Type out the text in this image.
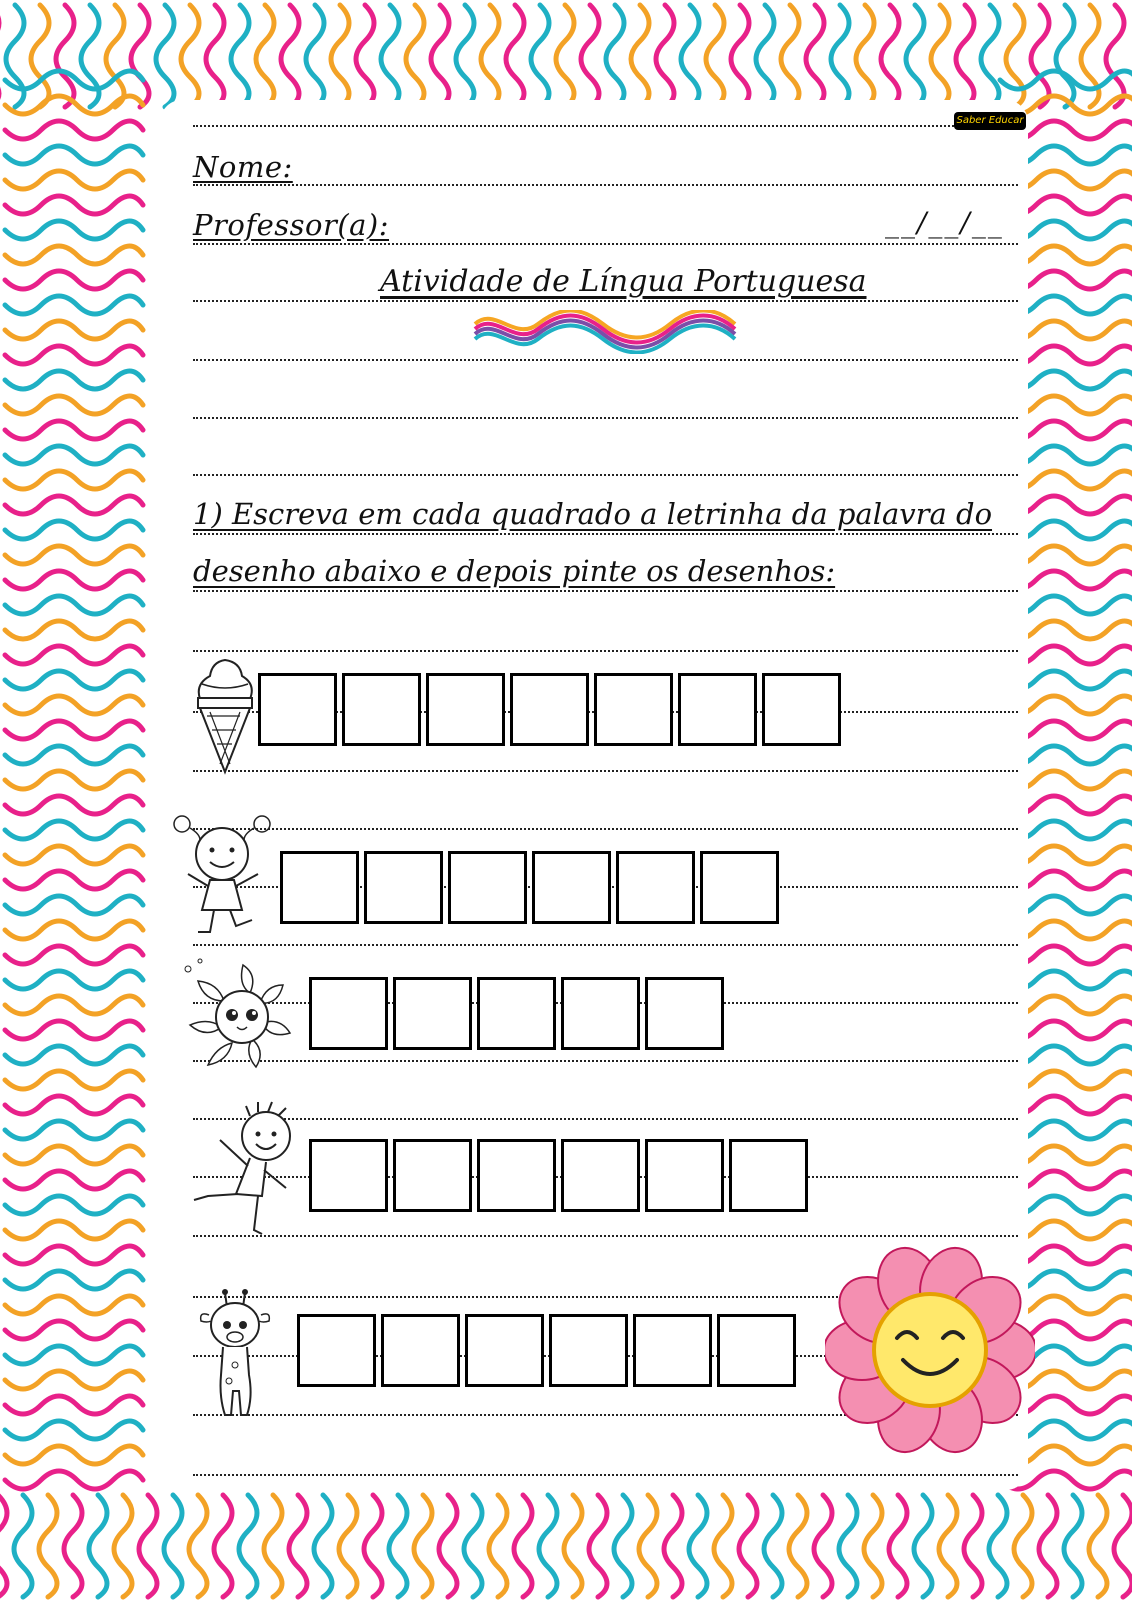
Saber Educar
Nome:
Professor(a):	__/__/__
Atividade de Língua Portuguesa
1) Escreva em cada quadrado a letrinha da palavra do
desenho abaixo e depois pinte os desenhos:
